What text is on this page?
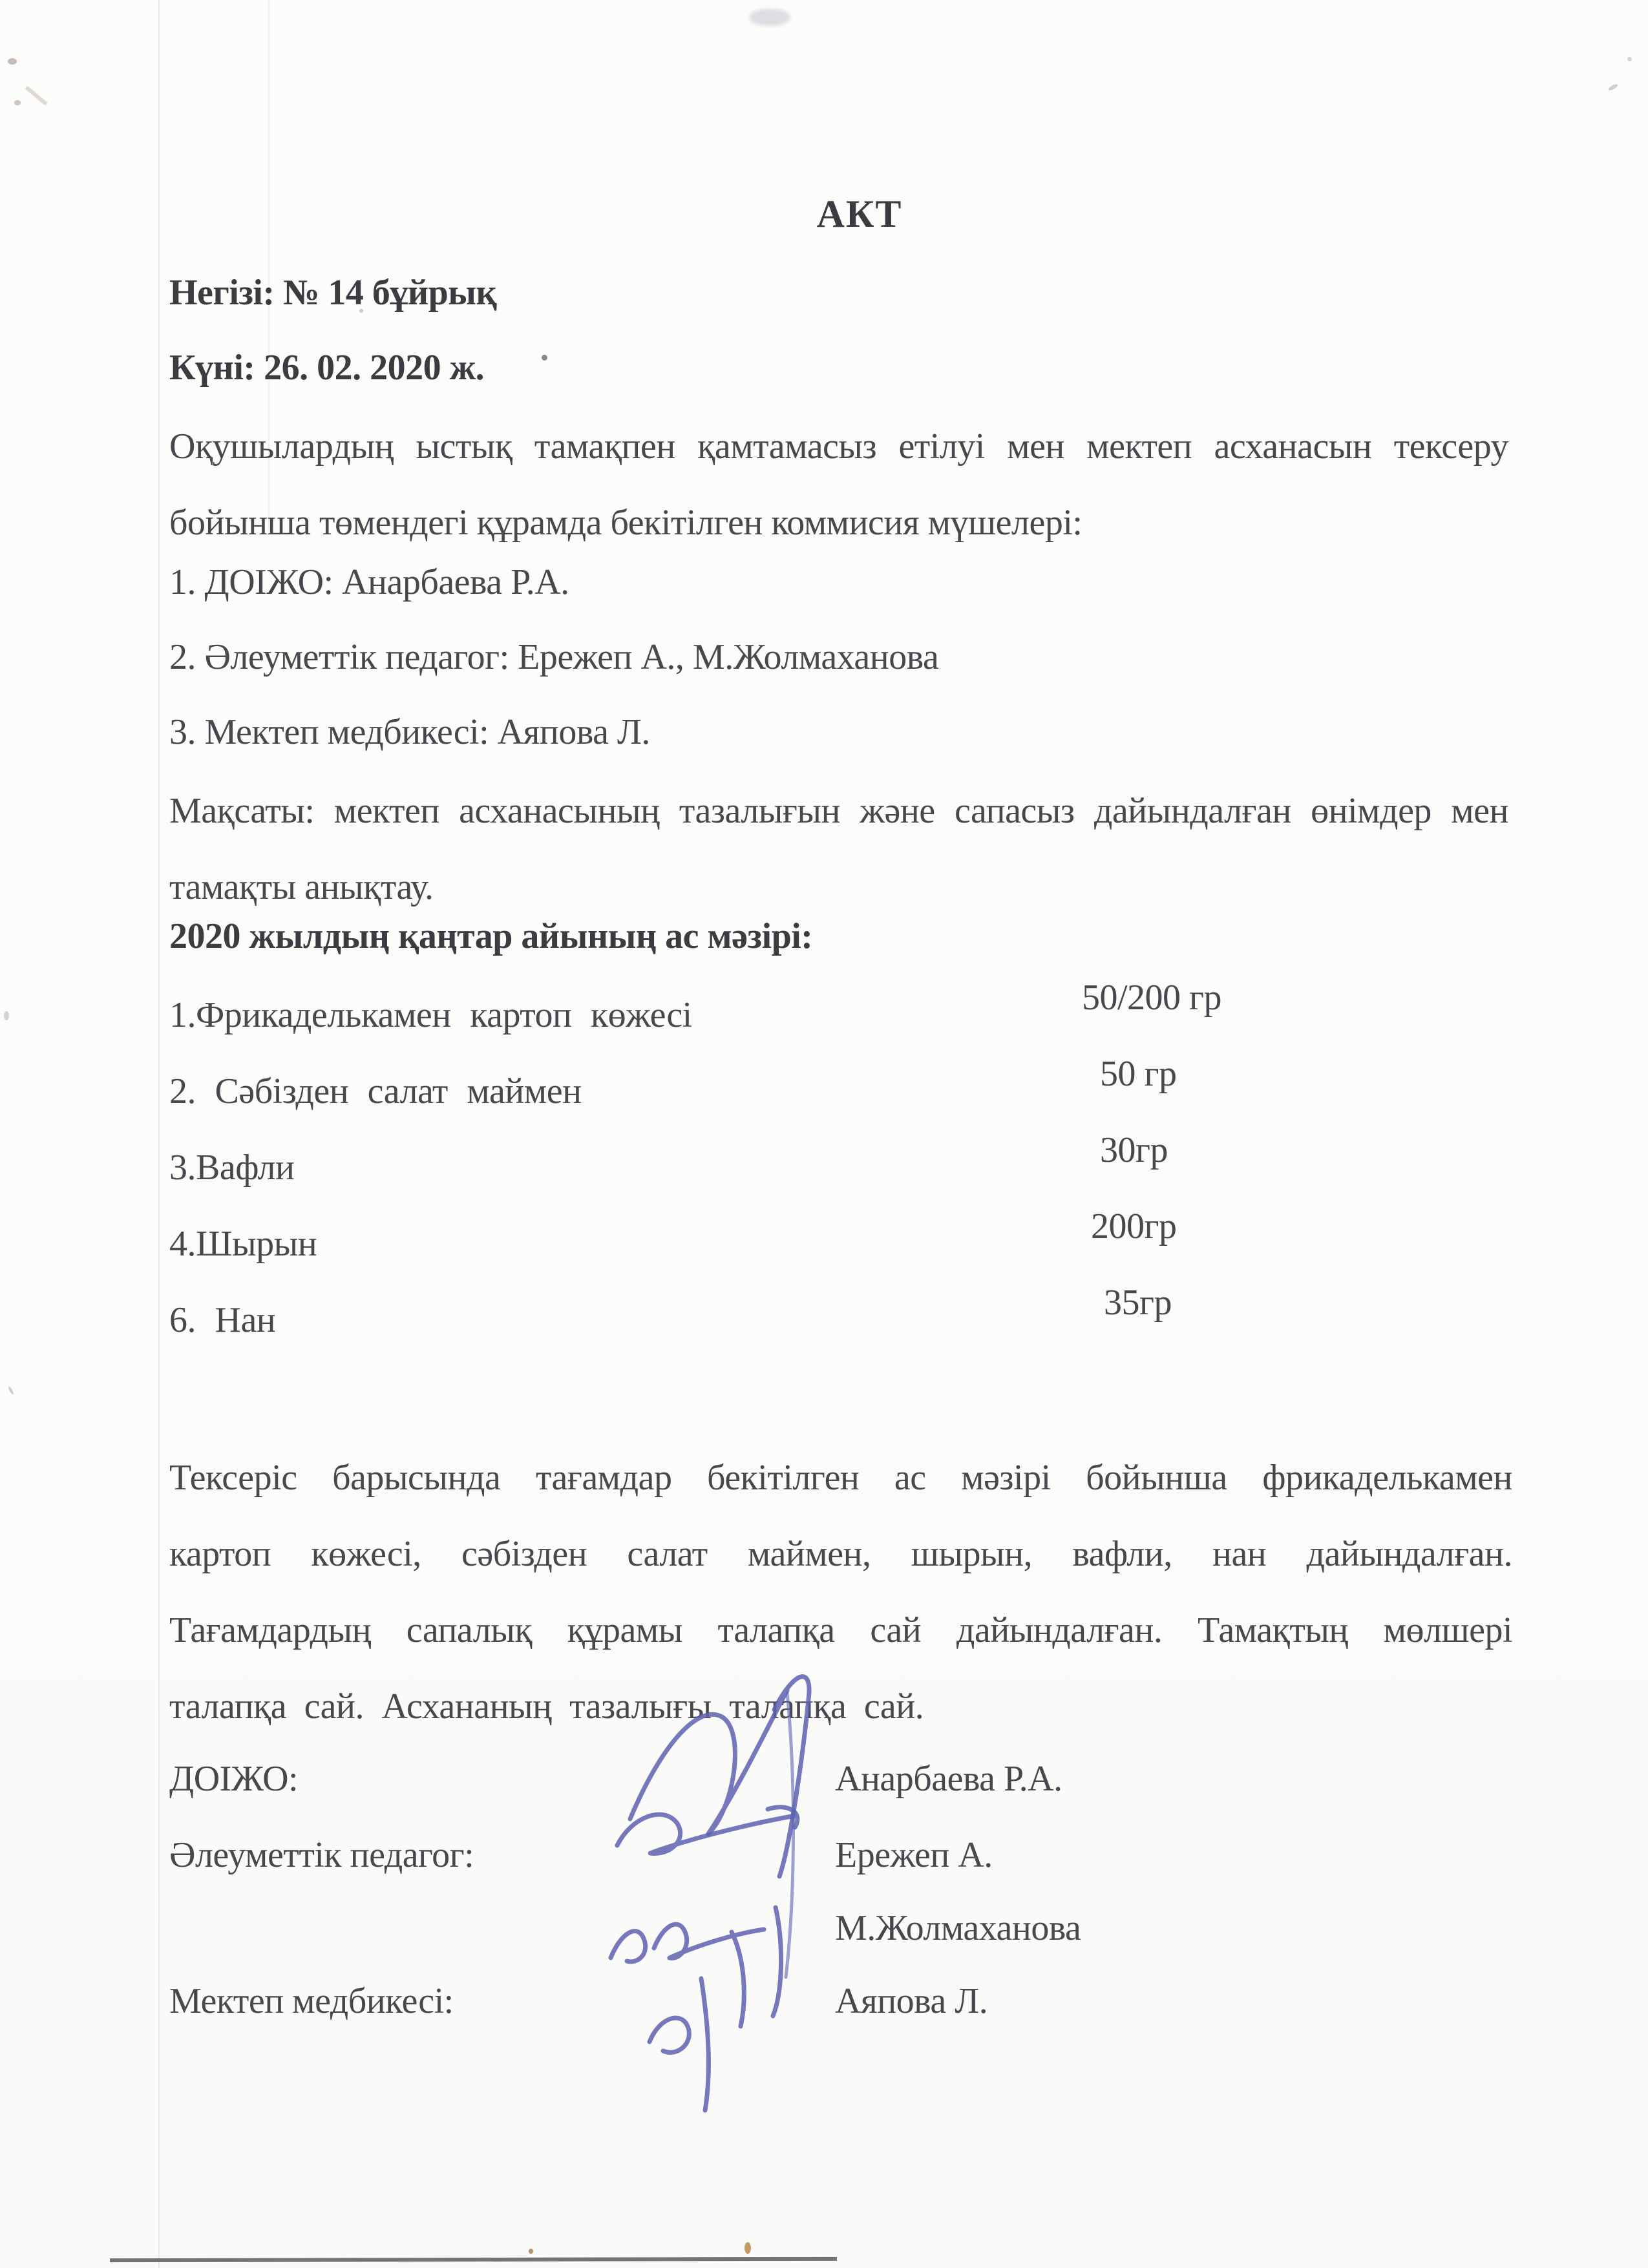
АКТ
Негізі: № 14 бұйрық
Күні: 26. 02. 2020 ж.
Оқушылардың ыстық тамақпен қамтамасыз етілуі мен мектеп асханасын тексеру
бойынша төмендегі құрамда бекітілген коммисия мүшелері:
1. ДОІЖО: Анарбаева Р.А.
2. Әлеуметтік педагог: Ережеп А., М.Жолмаханова
3. Мектеп медбикесі: Аяпова Л.
Мақсаты: мектеп асханасының тазалығын және сапасыз дайындалған өнімдер мен
тамақты анықтау.
2020 жылдың қаңтар айының ас мәзірі:
1.Фрикаделькамен картоп көжесі	50/200 гр
2. Сәбізден салат маймен	50 гр
3.Вафли	30гр
4.Шырын	200гр
6. Нан	35гр
Тексеріс барысында тағамдар бекітілген ас мәзірі бойынша фрикаделькамен
картоп көжесі, сәбізден салат маймен, шырын, вафли, нан дайындалған.
Тағамдардың сапалық құрамы талапқа сай дайындалған. Тамақтың мөлшері
талапқа сай. Асхананың тазалығы талапқа сай.
ДОІЖО:	Анарбаева Р.А.
Әлеуметтік педагог:	Ережеп А.
М.Жолмаханова
Мектеп медбикесі:	Аяпова Л.
